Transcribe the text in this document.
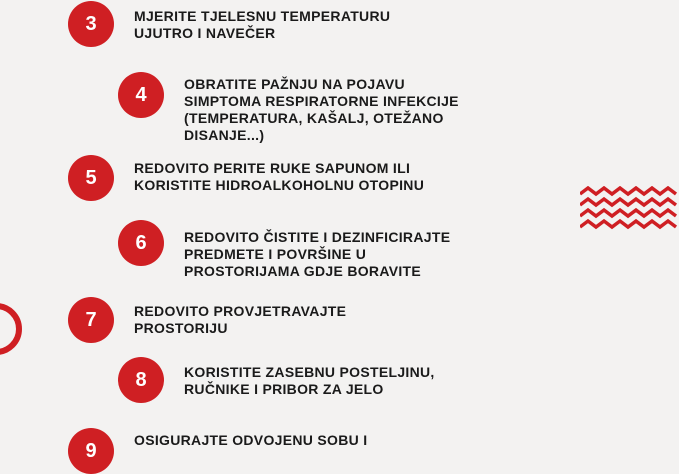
3	MJERITE TJELESNU TEMPERATURU
UJUTRO I NAVEČER
4	OBRATITE PAŽNJU NA POJAVU
SIMPTOMA RESPIRATORNE INFEKCIJE
(TEMPERATURA, KAŠALJ, OTEŽANO
DISANJE...)
5	REDOVITO PERITE RUKE SAPUNOM ILI
KORISTITE HIDROALKOHOLNU OTOPINU
6	REDOVITO ČISTITE I DEZINFICIRAJTE
PREDMETE I POVRŠINE U
PROSTORIJAMA GDJE BORAVITE
7	REDOVITO PROVJETRAVAJTE
PROSTORIJU
8	KORISTITE ZASEBNU POSTELJINU,
RUČNIKE I PRIBOR ZA JELO
9	OSIGURAJTE ODVOJENU SOBU I
